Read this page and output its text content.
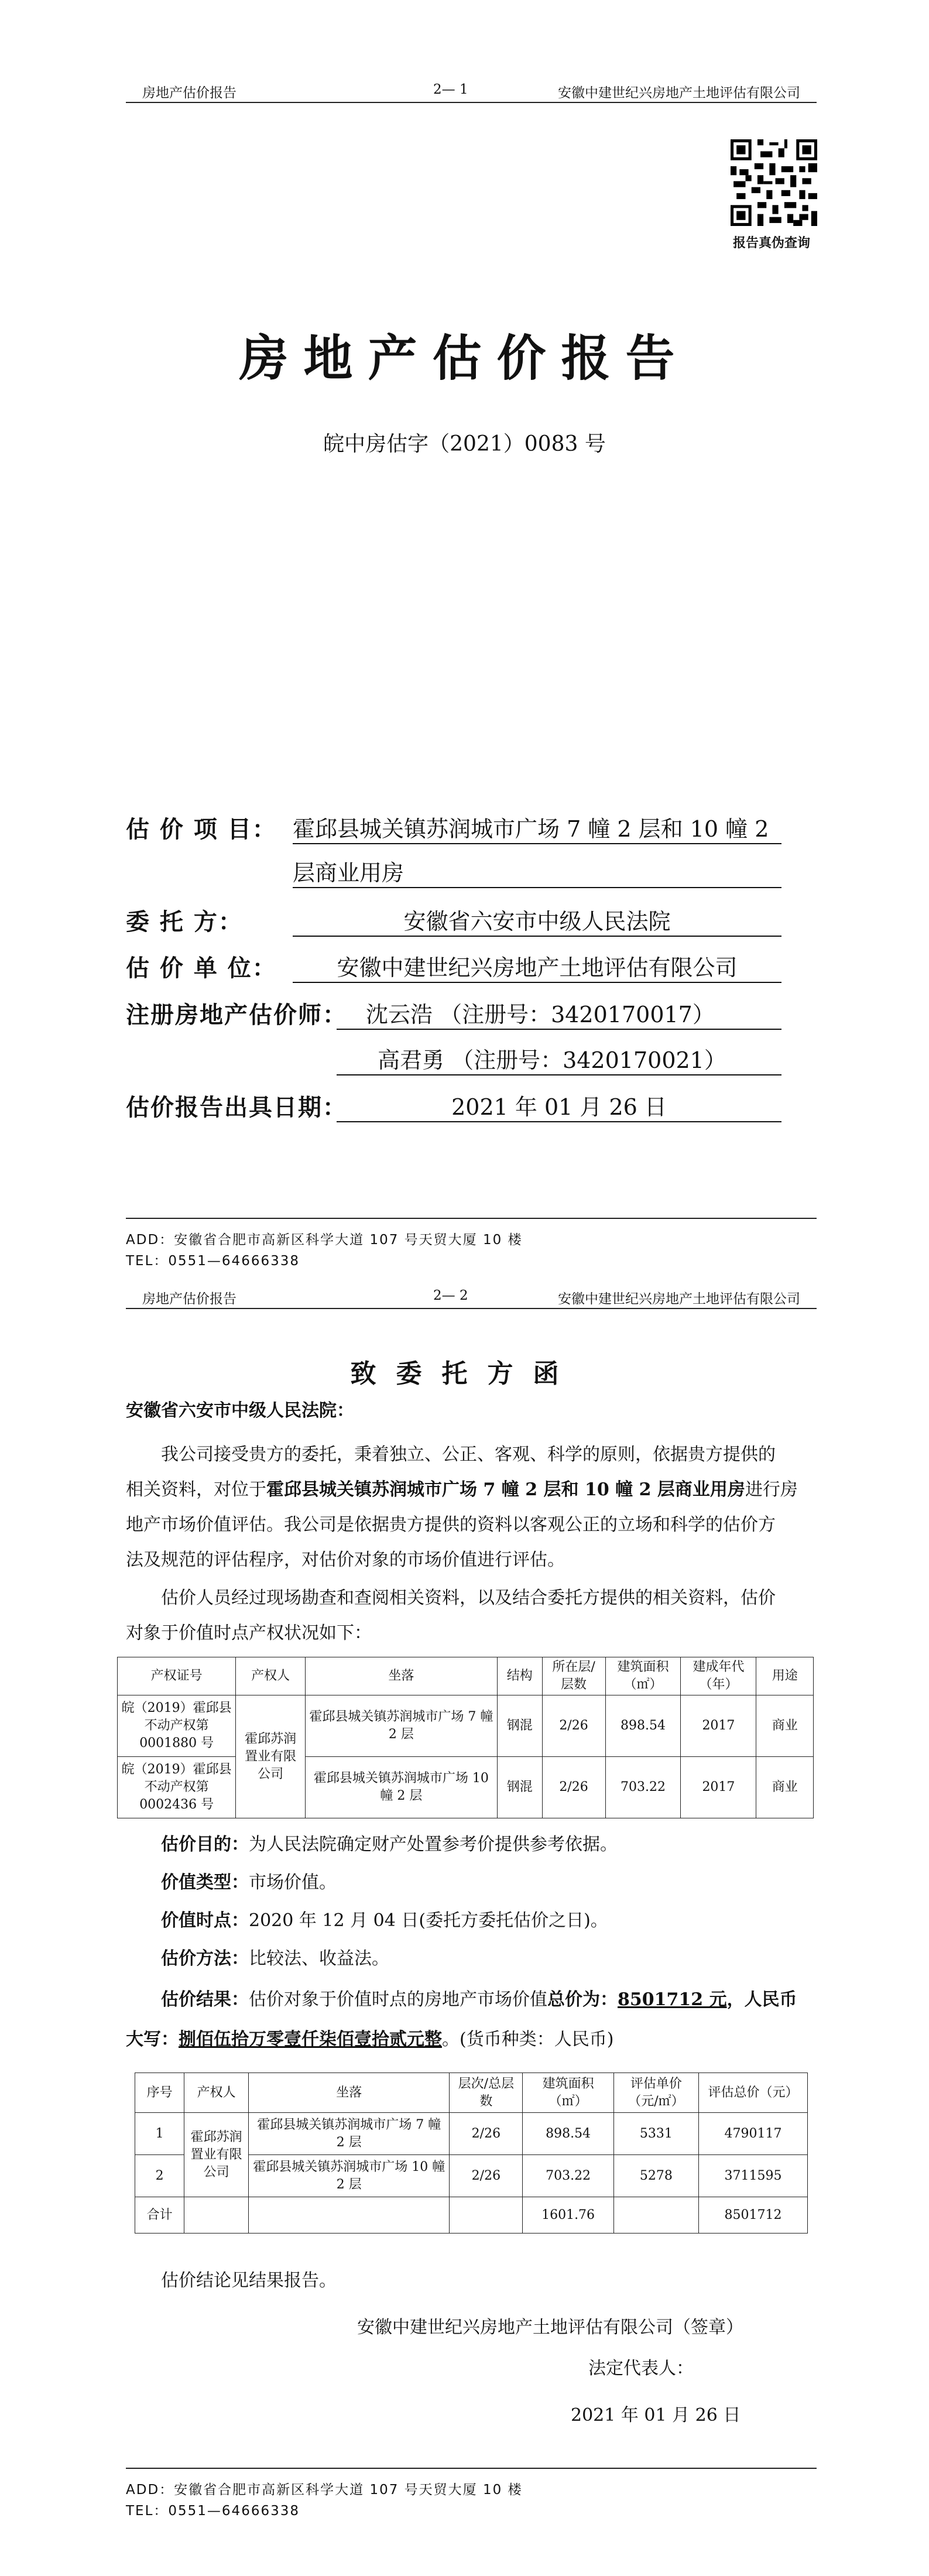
房地产估价报告	2— 1	安徽中建世纪兴房地产土地评估有限公司
报告真伪查询
房地产估价报告
皖中房估字（2021）0083 号
估 价 项 目： 霍邱县城关镇苏润城市广场 7 幢 2 层和 10 幢 2
层商业用房
委 托 方：	安徽省六安市中级人民法院
估 价 单 位：	安徽中建世纪兴房地产土地评估有限公司
注册房地产估价师： 沈云浩 （注册号：3420170017）
高君勇 （注册号：3420170021）
估价报告出具日期：	2021 年 01 月 26 日
ADD：安徽省合肥市高新区科学大道 107 号天贸大厦 10 楼
TEL：0551—64666338
房地产估价报告	2— 2	安徽中建世纪兴房地产土地评估有限公司
致委托方函
安徽省六安市中级人民法院：
我公司接受贵方的委托，秉着独立、公正、客观、科学的原则，依据贵方提供的
相关资料，对位于霍邱县城关镇苏润城市广场 7 幢 2 层和 10 幢 2 层商业用房进行房
地产市场价值评估。我公司是依据贵方提供的资料以客观公正的立场和科学的估价方
法及规范的评估程序，对估价对象的市场价值进行评估。
估价人员经过现场勘查和查阅相关资料，以及结合委托方提供的相关资料，估价
对象于价值时点产权状况如下：
产权证号	产权人	坐落	结构	所在层/层数	建筑面积（㎡）	建成年代（年）	用途
皖（2019）霍邱县不动产权第0001880 号	霍邱苏润置业有限公司	霍邱县城关镇苏润城市广场 7 幢 2 层	钢混	2/26	898.54	2017	商业
皖（2019）霍邱县不动产权第0002436 号		霍邱县城关镇苏润城市广场 10 幢 2 层	钢混	2/26	703.22	2017	商业
估价目的：为人民法院确定财产处置参考价提供参考依据。
价值类型：市场价值。
价值时点：2020 年 12 月 04 日(委托方委托估价之日)。
估价方法：比较法、收益法。
估价结果：估价对象于价值时点的房地产市场价值总价为：8501712 元，人民币
大写：捌佰伍拾万零壹仟柒佰壹拾贰元整。(货币种类：人民币)
序号	产权人	坐落	层次/总层数	建筑面积（㎡）	评估单价（元/㎡）	评估总价（元）
1	霍邱苏润置业有限公司	霍邱县城关镇苏润城市广场 7 幢 2 层	2/26	898.54	5331	4790117
2		霍邱县城关镇苏润城市广场 10 幢 2 层	2/26	703.22	5278	3711595
合计				1601.76		8501712
估价结论见结果报告。
安徽中建世纪兴房地产土地评估有限公司（签章）
法定代表人：
2021 年 01 月 26 日
ADD：安徽省合肥市高新区科学大道 107 号天贸大厦 10 楼
TEL：0551—64666338
